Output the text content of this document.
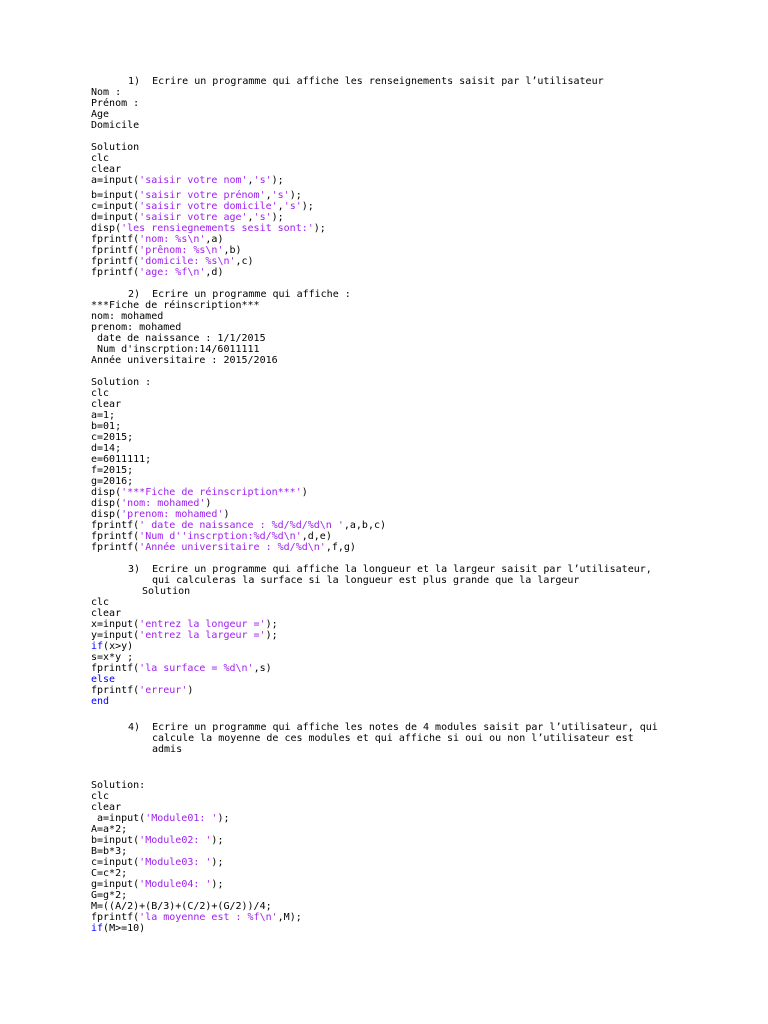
1)  Ecrire un programme qui affiche les renseignements saisit par l’utilisateur
Nom :
Prénom :
Age
Domicile
Solution
clc
clear
a=input('saisir votre nom','s');
b=input('saisir votre prénom','s');
c=input('saisir votre domicile','s');
d=input('saisir votre age','s');
disp('les rensiegnements sesit sont:');
fprintf('nom: %s\n',a)
fprintf('prênom: %s\n',b)
fprintf('domicile: %s\n',c)
fprintf('age: %f\n',d)
2)  Ecrire un programme qui affiche :
***Fiche de réinscription***
nom: mohamed
prenom: mohamed
date de naissance : 1/1/2015
Num d'inscrption:14/6011111
Année universitaire : 2015/2016
Solution :
clc
clear
a=1;
b=01;
c=2015;
d=14;
e=6011111;
f=2015;
g=2016;
disp('***Fiche de réinscription***')
disp('nom: mohamed')
disp('prenom: mohamed')
fprintf(' date de naissance : %d/%d/%d\n ',a,b,c)
fprintf('Num d''inscrption:%d/%d\n',d,e)
fprintf('Année universitaire : %d/%d\n',f,g)
3)  Ecrire un programme qui affiche la longueur et la largeur saisit par l’utilisateur,
qui calculeras la surface si la longueur est plus grande que la largeur
Solution
clc
clear
x=input('entrez la longeur =');
y=input('entrez la largeur =');
if(x>y)
s=x*y ;
fprintf('la surface = %d\n',s)
else
fprintf('erreur')
end
4)  Ecrire un programme qui affiche les notes de 4 modules saisit par l’utilisateur, qui
calcule la moyenne de ces modules et qui affiche si oui ou non l’utilisateur est
admis
Solution:
clc
clear
a=input('Module01: ');
A=a*2;
b=input('Module02: ');
B=b*3;
c=input('Module03: ');
C=c*2;
g=input('Module04: ');
G=g*2;
M=((A/2)+(B/3)+(C/2)+(G/2))/4;
fprintf('la moyenne est : %f\n',M);
if(M>=10)
